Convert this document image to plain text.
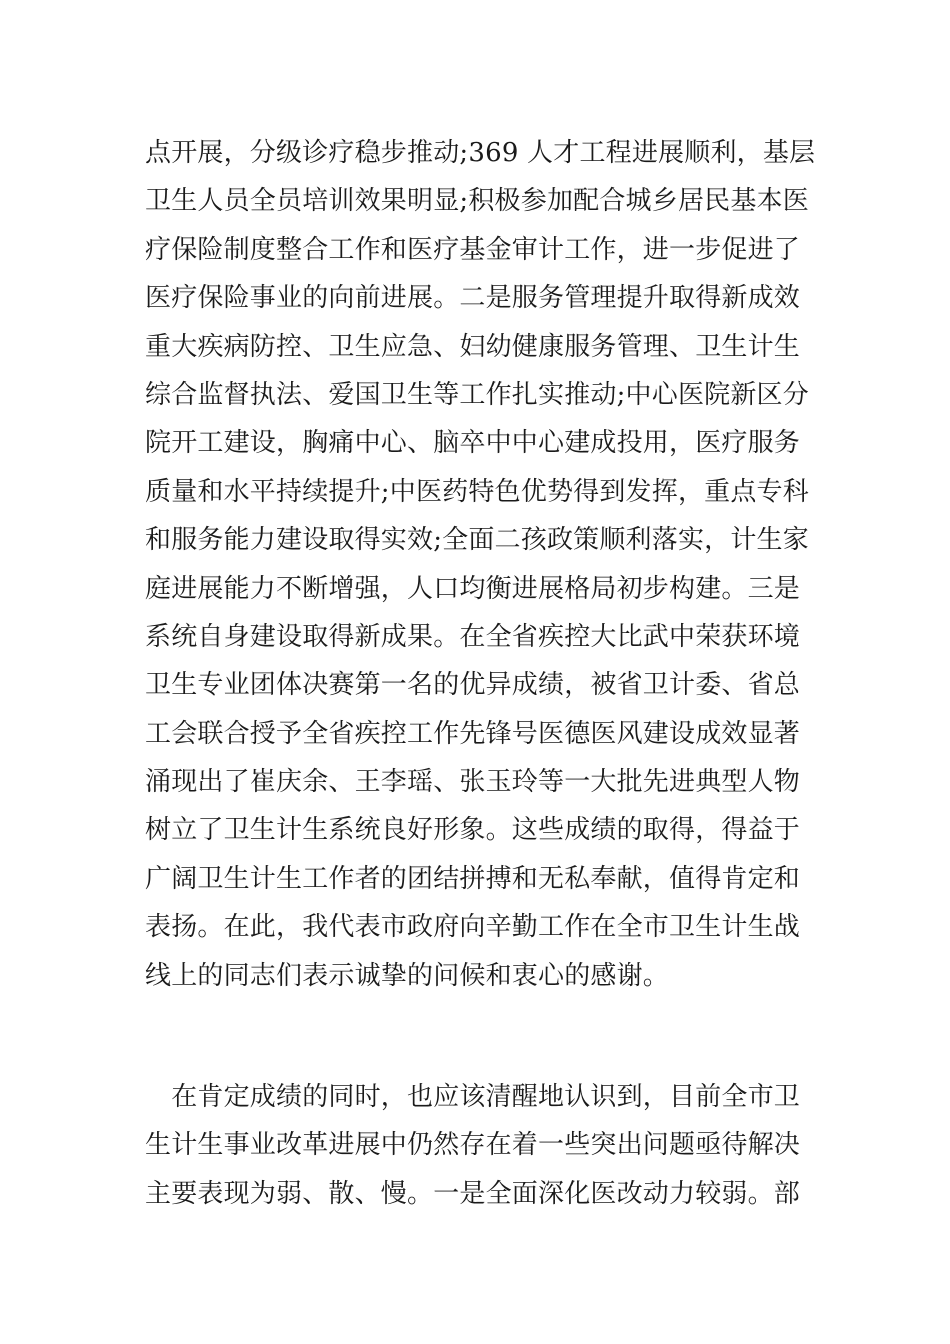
点开展，分级诊疗稳步推动;369 人才工程进展顺利，基层
卫生人员全员培训效果明显;积极参加配合城乡居民基本医
疗保险制度整合工作和医疗基金审计工作，进一步促进了
医疗保险事业的向前进展。二是服务管理提升取得新成效
重大疾病防控、卫生应急、妇幼健康服务管理、卫生计生
综合监督执法、爱国卫生等工作扎实推动;中心医院新区分
院开工建设，胸痛中心、脑卒中中心建成投用，医疗服务
质量和水平持续提升;中医药特色优势得到发挥，重点专科
和服务能力建设取得实效;全面二孩政策顺利落实，计生家
庭进展能力不断增强，人口均衡进展格局初步构建。三是
系统自身建设取得新成果。在全省疾控大比武中荣获环境
卫生专业团体决赛第一名的优异成绩，被省卫计委、省总
工会联合授予全省疾控工作先锋号医德医风建设成效显著
涌现出了崔庆余、王李瑶、张玉玲等一大批先进典型人物
树立了卫生计生系统良好形象。这些成绩的取得，得益于
广阔卫生计生工作者的团结拼搏和无私奉献，值得肯定和
表扬。在此，我代表市政府向辛勤工作在全市卫生计生战
线上的同志们表示诚挚的问候和衷心的感谢。
　在肯定成绩的同时，也应该清醒地认识到，目前全市卫
生计生事业改革进展中仍然存在着一些突出问题亟待解决
主要表现为弱、散、慢。一是全面深化医改动力较弱。部
